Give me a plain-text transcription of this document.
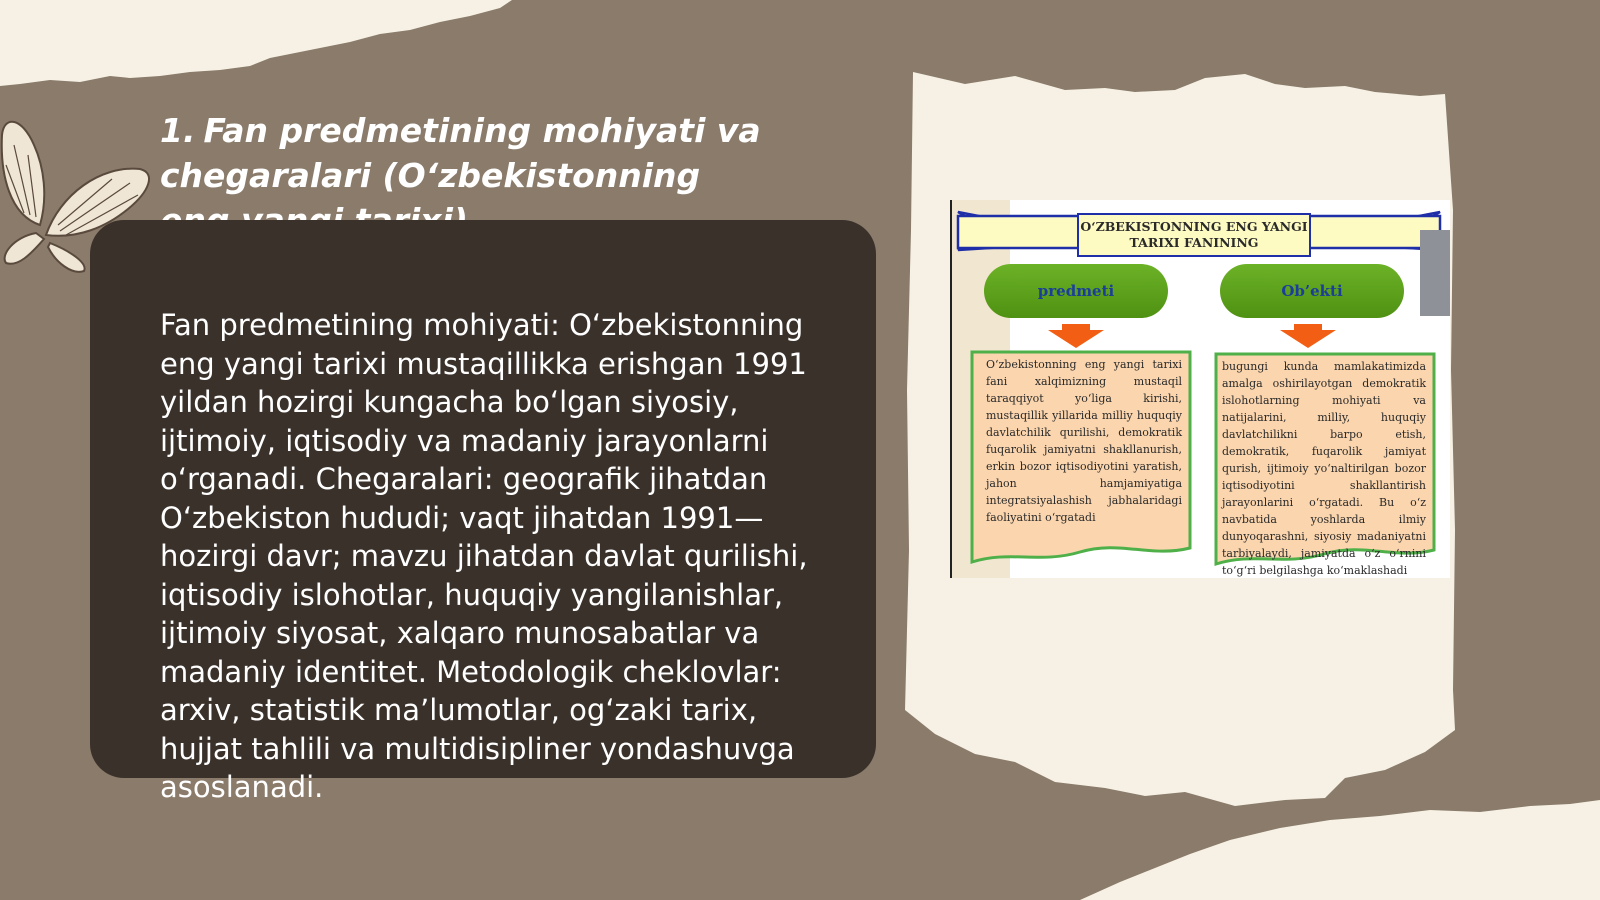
1. Fan predmetining mohiyati va chegaralari (O‘zbekistonning
Fan predmetining mohiyati: O‘zbekistonning eng yangi tarixi mustaqillikka erishgan 1991 yildan hozirgi kungacha bo‘lgan siyosiy, ijtimoiy, iqtisodiy va madaniy jarayonlarni o‘rganadi. Chegaralari: geografik jihatdan O‘zbekiston hududi; vaqt jihatdan 1991—hozirgi davr; mavzu jihatdan davlat qurilishi, iqtisodiy islohotlar, huquqiy yangilanishlar, ijtimoiy siyosat, xalqaro munosabatlar va madaniy identitet. Metodologik cheklovlar: arxiv, statistik ma’lumotlar, og‘zaki tarix, hujjat tahlili va multidisipliner yondashuvga asoslanadi.
O‘ZBEKISTONNING ENG YANGI TARIXI FANINING
predmeti	Ob’ekti
O‘zbekistonning eng yangi tarixi fani xalqimizning mustaqil taraqqiyot yo‘liga kirishi, mustaqillik yillarida milliy huquqiy davlatchilik qurilishi, demokratik fuqarolik jamiyatni shakllanurish, erkin bozor iqtisodiyotini yaratish, jahon hamjamiyatiga integratsiyalashish jabhalaridagi faoliyatini o‘rgatadi
bugungi kunda mamlakatimizda amalga oshirilayotgan demokratik islohotlarning mohiyati va natijalarini, milliy, huquqiy davlatchilikni barpo etish, demokratik, fuqarolik jamiyat qurish, ijtimoiy yo‘naltirilgan bozor iqtisodiyotini shakllantirish jarayonlarini o‘rgatadi. Bu o‘z navbatida yoshlarda ilmiy dunyoqarashni, siyosiy madaniyatni tarbiyalaydi, jamiyatda o‘z o‘rnini to‘g‘ri belgilashga ko‘maklashadi
